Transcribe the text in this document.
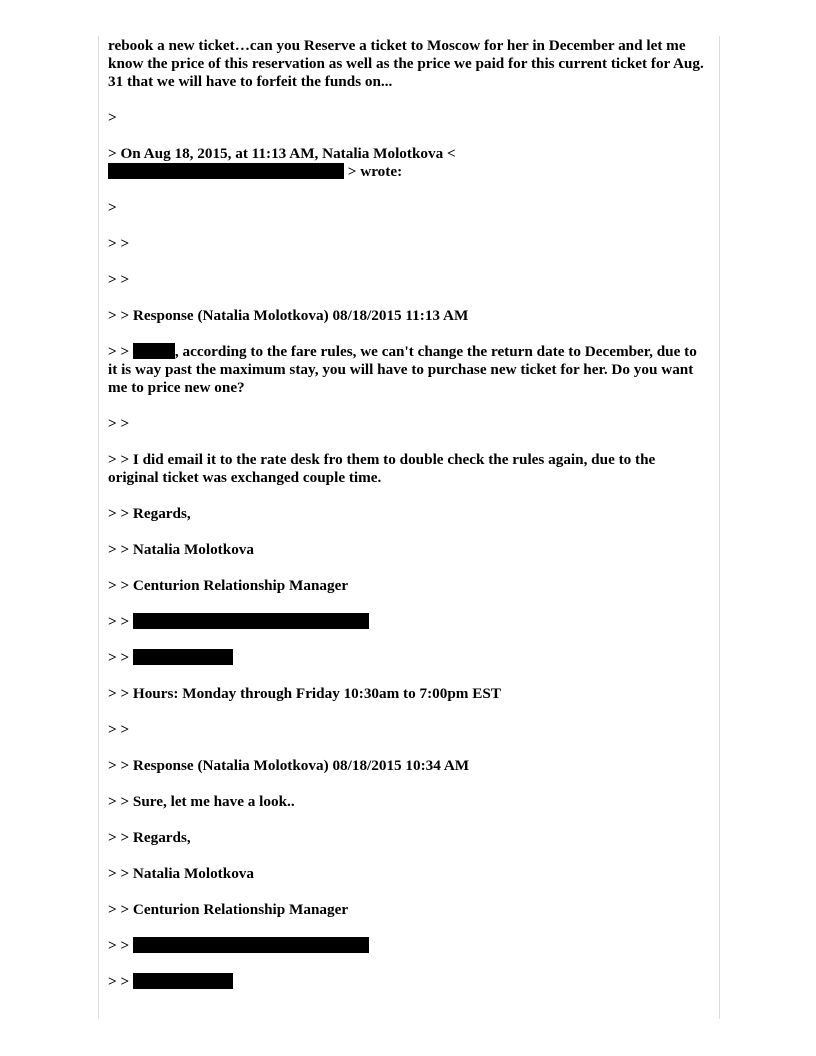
rebook a new ticket…can you Reserve a ticket to Moscow for her in December and let me know the price of this reservation as well as the price we paid for this current ticket for Aug. 31 that we will have to forfeit the funds on...

>

> On Aug 18, 2015, at 11:13 AM, Natalia Molotkova <
> wrote:

>

> >

> >

> > Response (Natalia Molotkova) 08/18/2015 11:13 AM

> >	, according to the fare rules, we can't change the return date to December, due to it is way past the maximum stay, you will have to purchase new ticket for her. Do you want me to price new one?

> >

> > I did email it to the rate desk fro them to double check the rules again, due to the original ticket was exchanged couple time.

> > Regards,

> > Natalia Molotkova

> > Centurion Relationship Manager

> >

> >

> > Hours: Monday through Friday 10:30am to 7:00pm EST

> >

> > Response (Natalia Molotkova) 08/18/2015 10:34 AM

> > Sure, let me have a look..

> > Regards,

> > Natalia Molotkova

> > Centurion Relationship Manager

> >

> >
